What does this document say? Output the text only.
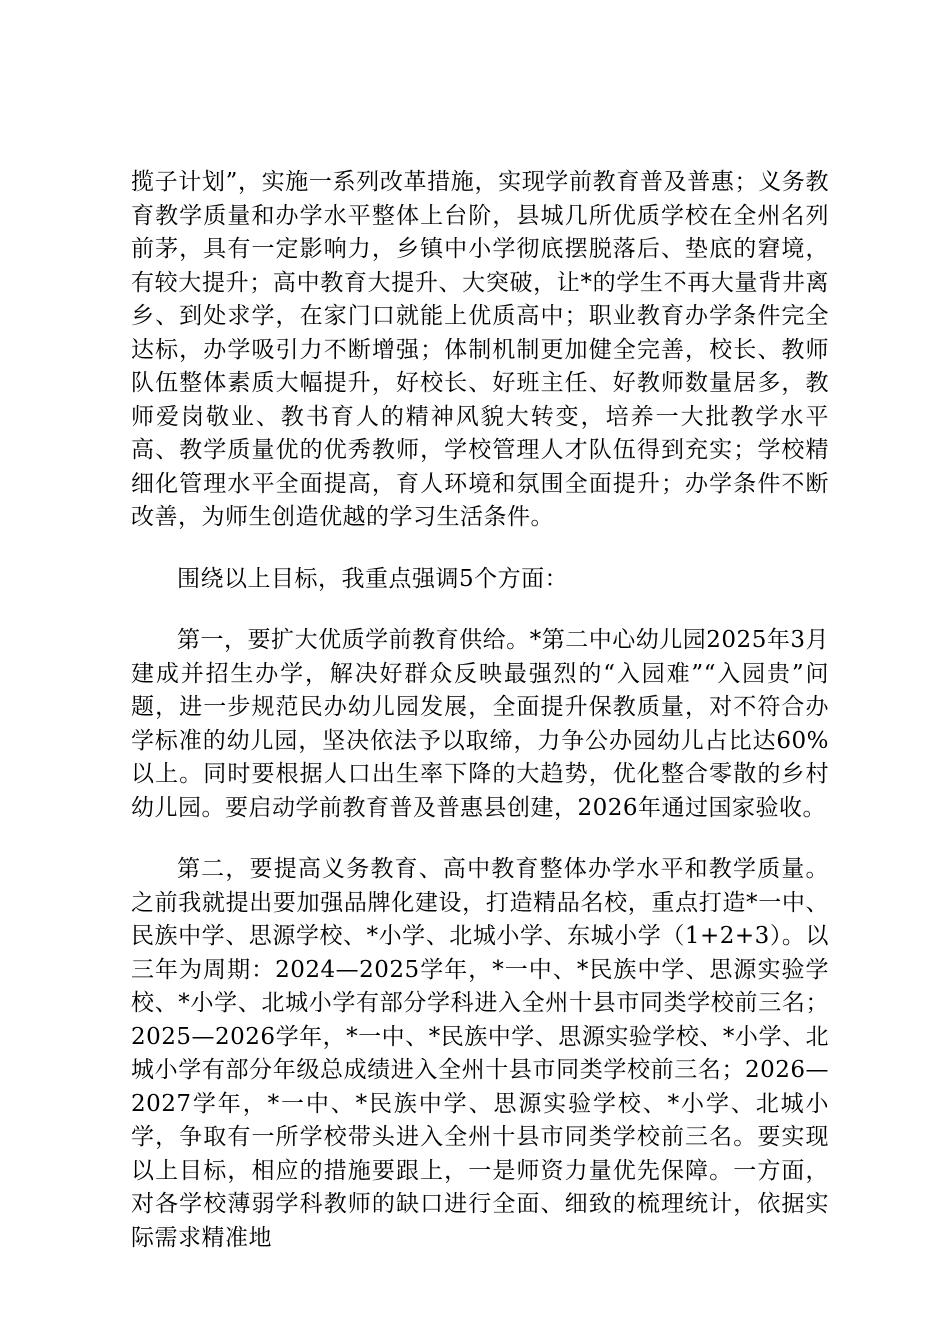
揽子计划”，实施一系列改革措施，实现学前教育普及普惠；义务教育教学质量和办学水平整体上台阶，县城几所优质学校在全州名列前茅，具有一定影响力，乡镇中小学彻底摆脱落后、垫底的窘境，有较大提升；高中教育大提升、大突破，让*的学生不再大量背井离乡、到处求学，在家门口就能上优质高中；职业教育办学条件完全达标，办学吸引力不断增强；体制机制更加健全完善，校长、教师队伍整体素质大幅提升，好校长、好班主任、好教师数量居多，教师爱岗敬业、教书育人的精神风貌大转变，培养一大批教学水平高、教学质量优的优秀教师，学校管理人才队伍得到充实；学校精细化管理水平全面提高，育人环境和氛围全面提升；办学条件不断改善，为师生创造优越的学习生活条件。

围绕以上目标，我重点强调5个方面：

第一，要扩大优质学前教育供给。*第二中心幼儿园2025年3月建成并招生办学，解决好群众反映最强烈的“入园难”“入园贵”问题，进一步规范民办幼儿园发展，全面提升保教质量，对不符合办学标准的幼儿园，坚决依法予以取缔，力争公办园幼儿占比达60%以上。同时要根据人口出生率下降的大趋势，优化整合零散的乡村幼儿园。要启动学前教育普及普惠县创建，2026年通过国家验收。

第二，要提高义务教育、高中教育整体办学水平和教学质量。之前我就提出要加强品牌化建设，打造精品名校，重点打造*一中、民族中学、思源学校、*小学、北城小学、东城小学（1+2+3）。以三年为周期：2024—2025学年，*一中、*民族中学、思源实验学校、*小学、北城小学有部分学科进入全州十县市同类学校前三名；2025—2026学年，*一中、*民族中学、思源实验学校、*小学、北城小学有部分年级总成绩进入全州十县市同类学校前三名；2026—2027学年，*一中、*民族中学、思源实验学校、*小学、北城小学，争取有一所学校带头进入全州十县市同类学校前三名。要实现以上目标，相应的措施要跟上，一是师资力量优先保障。一方面，对各学校薄弱学科教师的缺口进行全面、细致的梳理统计，依据实际需求精准地
